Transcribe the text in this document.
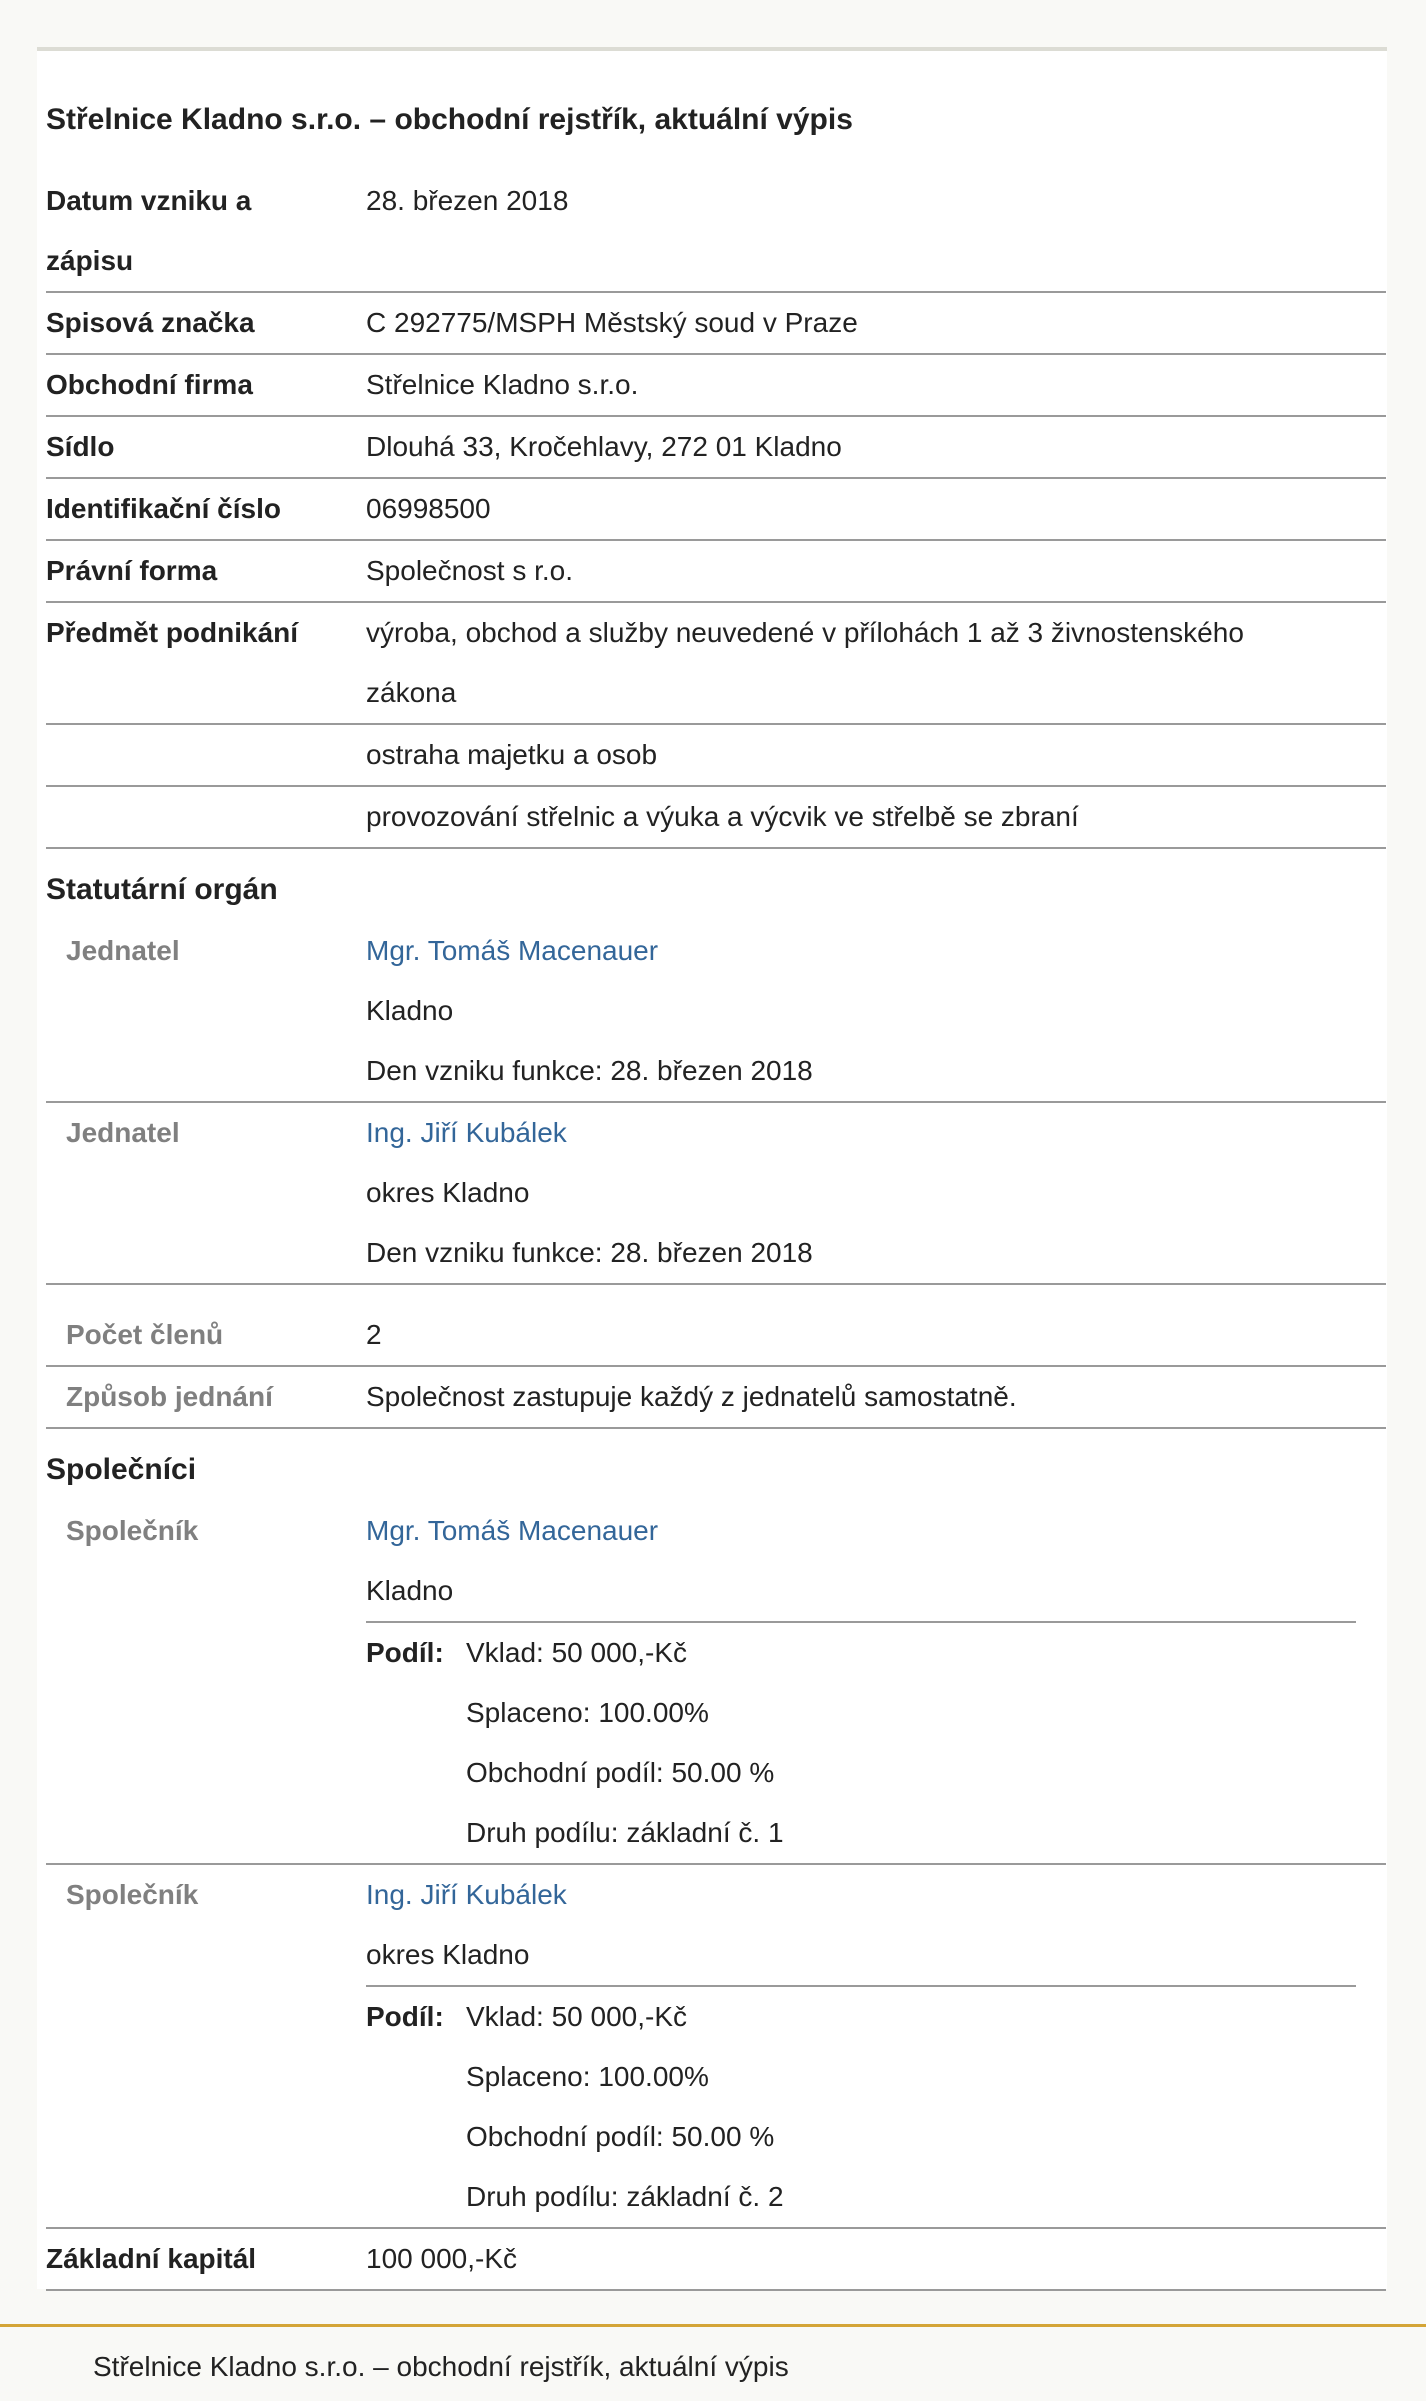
Střelnice Kladno s.r.o. – obchodní rejstřík, aktuální výpis
Datum vzniku a
zápisu
28. březen 2018
Spisová značka	C 292775/MSPH Městský soud v Praze
Obchodní firma	Střelnice Kladno s.r.o.
Sídlo	Dlouhá 33, Kročehlavy, 272 01 Kladno
Identifikační číslo	06998500
Právní forma	Společnost s r.o.
Předmět podnikání	výroba, obchod a služby neuvedené v přílohách 1 až 3 živnostenského
zákona
ostraha majetku a osob
provozování střelnic a výuka a výcvik ve střelbě se zbraní
Statutární orgán
Jednatel	Mgr. Tomáš Macenauer
Kladno
Den vzniku funkce: 28. březen 2018
Jednatel	Ing. Jiří Kubálek
okres Kladno
Den vzniku funkce: 28. březen 2018
Počet členů	2
Způsob jednání	Společnost zastupuje každý z jednatelů samostatně.
Společníci
Společník	Mgr. Tomáš Macenauer
Kladno
Podíl: Vklad: 50 000,-Kč
Splaceno: 100.00%
Obchodní podíl: 50.00 %
Druh podílu: základní č. 1
Společník	Ing. Jiří Kubálek
okres Kladno
Podíl: Vklad: 50 000,-Kč
Splaceno: 100.00%
Obchodní podíl: 50.00 %
Druh podílu: základní č. 2
Základní kapitál	100 000,-Kč
Střelnice Kladno s.r.o. – obchodní rejstřík, aktuální výpis
